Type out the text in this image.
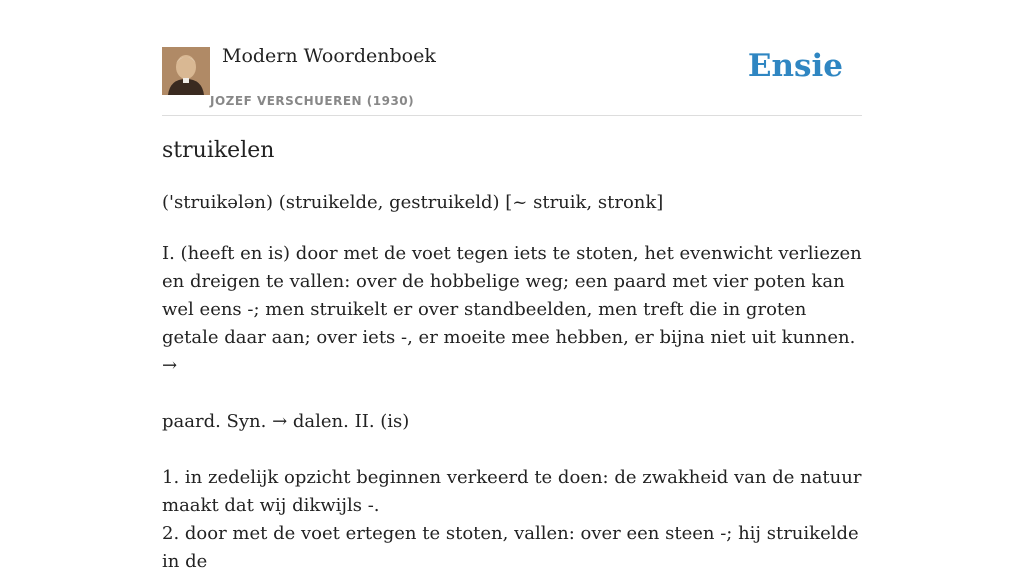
Modern Woordenboek
JOZEF VERSCHUEREN (1930)
Ensie
struikelen
('struikələn) (struikelde, gestruikeld) [~ struik, stronk]

I. (heeft en is) door met de voet tegen iets te stoten, het evenwicht verliezen en dreigen te vallen: over de hobbelige weg; een paard met vier poten kan wel eens -; men struikelt er over standbeelden, men treft die in groten getale daar aan; over iets -, er moeite mee hebben, er bijna niet uit kunnen. →

paard. Syn. → dalen. II. (is)

1. in zedelijk opzicht beginnen verkeerd te doen: de zwakheid van de natuur maakt dat wij dikwijls -.

2. door met de voet ertegen te stoten, vallen: over een steen -; hij struikelde in de
